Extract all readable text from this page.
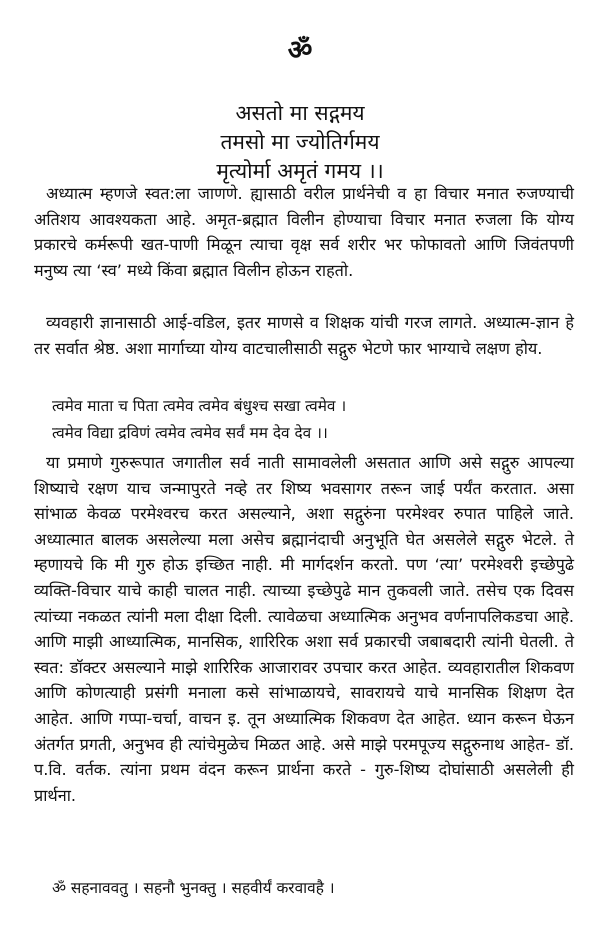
ॐ
असतो मा सद्गमय
तमसो मा ज्योतिर्गमय
मृत्योर्मा अमृतं गमय ।।

अध्यात्म म्हणजे स्वत:ला जाणणे. ह्यासाठी वरील प्रार्थनेची व हा विचार मनात रुजण्याची अतिशय आवश्यकता आहे. अमृत-ब्रह्मात विलीन होण्याचा विचार मनात रुजला कि योग्य प्रकारचे कर्मरूपी खत-पाणी मिळून त्याचा वृक्ष सर्व शरीर भर फोफावतो आणि जिवंतपणी मनुष्य त्या ‘स्व’ मध्ये किंवा ब्रह्मात विलीन होऊन राहतो.

व्यवहारी ज्ञानासाठी आई-वडिल, इतर माणसे व शिक्षक यांची गरज लागते. अध्यात्म-ज्ञान हे तर सर्वात श्रेष्ठ. अशा मार्गाच्या योग्य वाटचालीसाठी सद्गुरु भेटणे फार भाग्याचे लक्षण होय.

त्वमेव माता च पिता त्वमेव त्वमेव बंधुश्च सखा त्वमेव ।

त्वमेव विद्या द्रविणं त्वमेव त्वमेव सर्वं मम देव देव ।।

या प्रमाणे गुरुरूपात जगातील सर्व नाती सामावलेली असतात आणि असे सद्गुरु आपल्या शिष्याचे रक्षण याच जन्मापुरते नव्हे तर शिष्य भवसागर तरून जाई पर्यंत करतात. असा सांभाळ केवळ परमेश्वरच करत असल्याने, अशा सद्गुरुंना परमेश्वर रुपात पाहिले जाते. अध्यात्मात बालक असलेल्या मला असेच ब्रह्मानंदाची अनुभूति घेत असलेले सद्गुरु भेटले. ते म्हणायचे कि मी गुरु होऊ इच्छित नाही. मी मार्गदर्शन करतो. पण ‘त्या’ परमेश्वरी इच्छेपुढे व्यक्ति-विचार याचे काही चालत नाही. त्याच्या इच्छेपुढे मान तुकवली जाते. तसेच एक दिवस त्यांच्या नकळत त्यांनी मला दीक्षा दिली. त्यावेळचा अध्यात्मिक अनुभव वर्णनापलिकडचा आहे. आणि माझी आध्यात्मिक, मानसिक, शारिरिक अशा सर्व प्रकारची जबाबदारी त्यांनी घेतली. ते स्वत: डॉक्टर असल्याने माझे शारिरिक आजारावर उपचार करत आहेत. व्यवहारातील शिकवण आणि कोणत्याही प्रसंगी मनाला कसे सांभाळायचे, सावरायचे याचे मानसिक शिक्षण देत आहेत. आणि गप्पा-चर्चा, वाचन इ. तून अध्यात्मिक शिकवण देत आहेत. ध्यान करून घेऊन अंतर्गत प्रगती, अनुभव ही त्यांचेमुळेच मिळत आहे. असे माझे परमपूज्य सद्गुरुनाथ आहेत- डॉ. प.वि. वर्तक. त्यांना प्रथम वंदन करून प्रार्थना करते - गुरु-शिष्य दोघांसाठी असलेली ही प्रार्थना.

ॐ सहनाववतु । सहनौ भुनक्तु । सहवीर्यं करवावहै ।
